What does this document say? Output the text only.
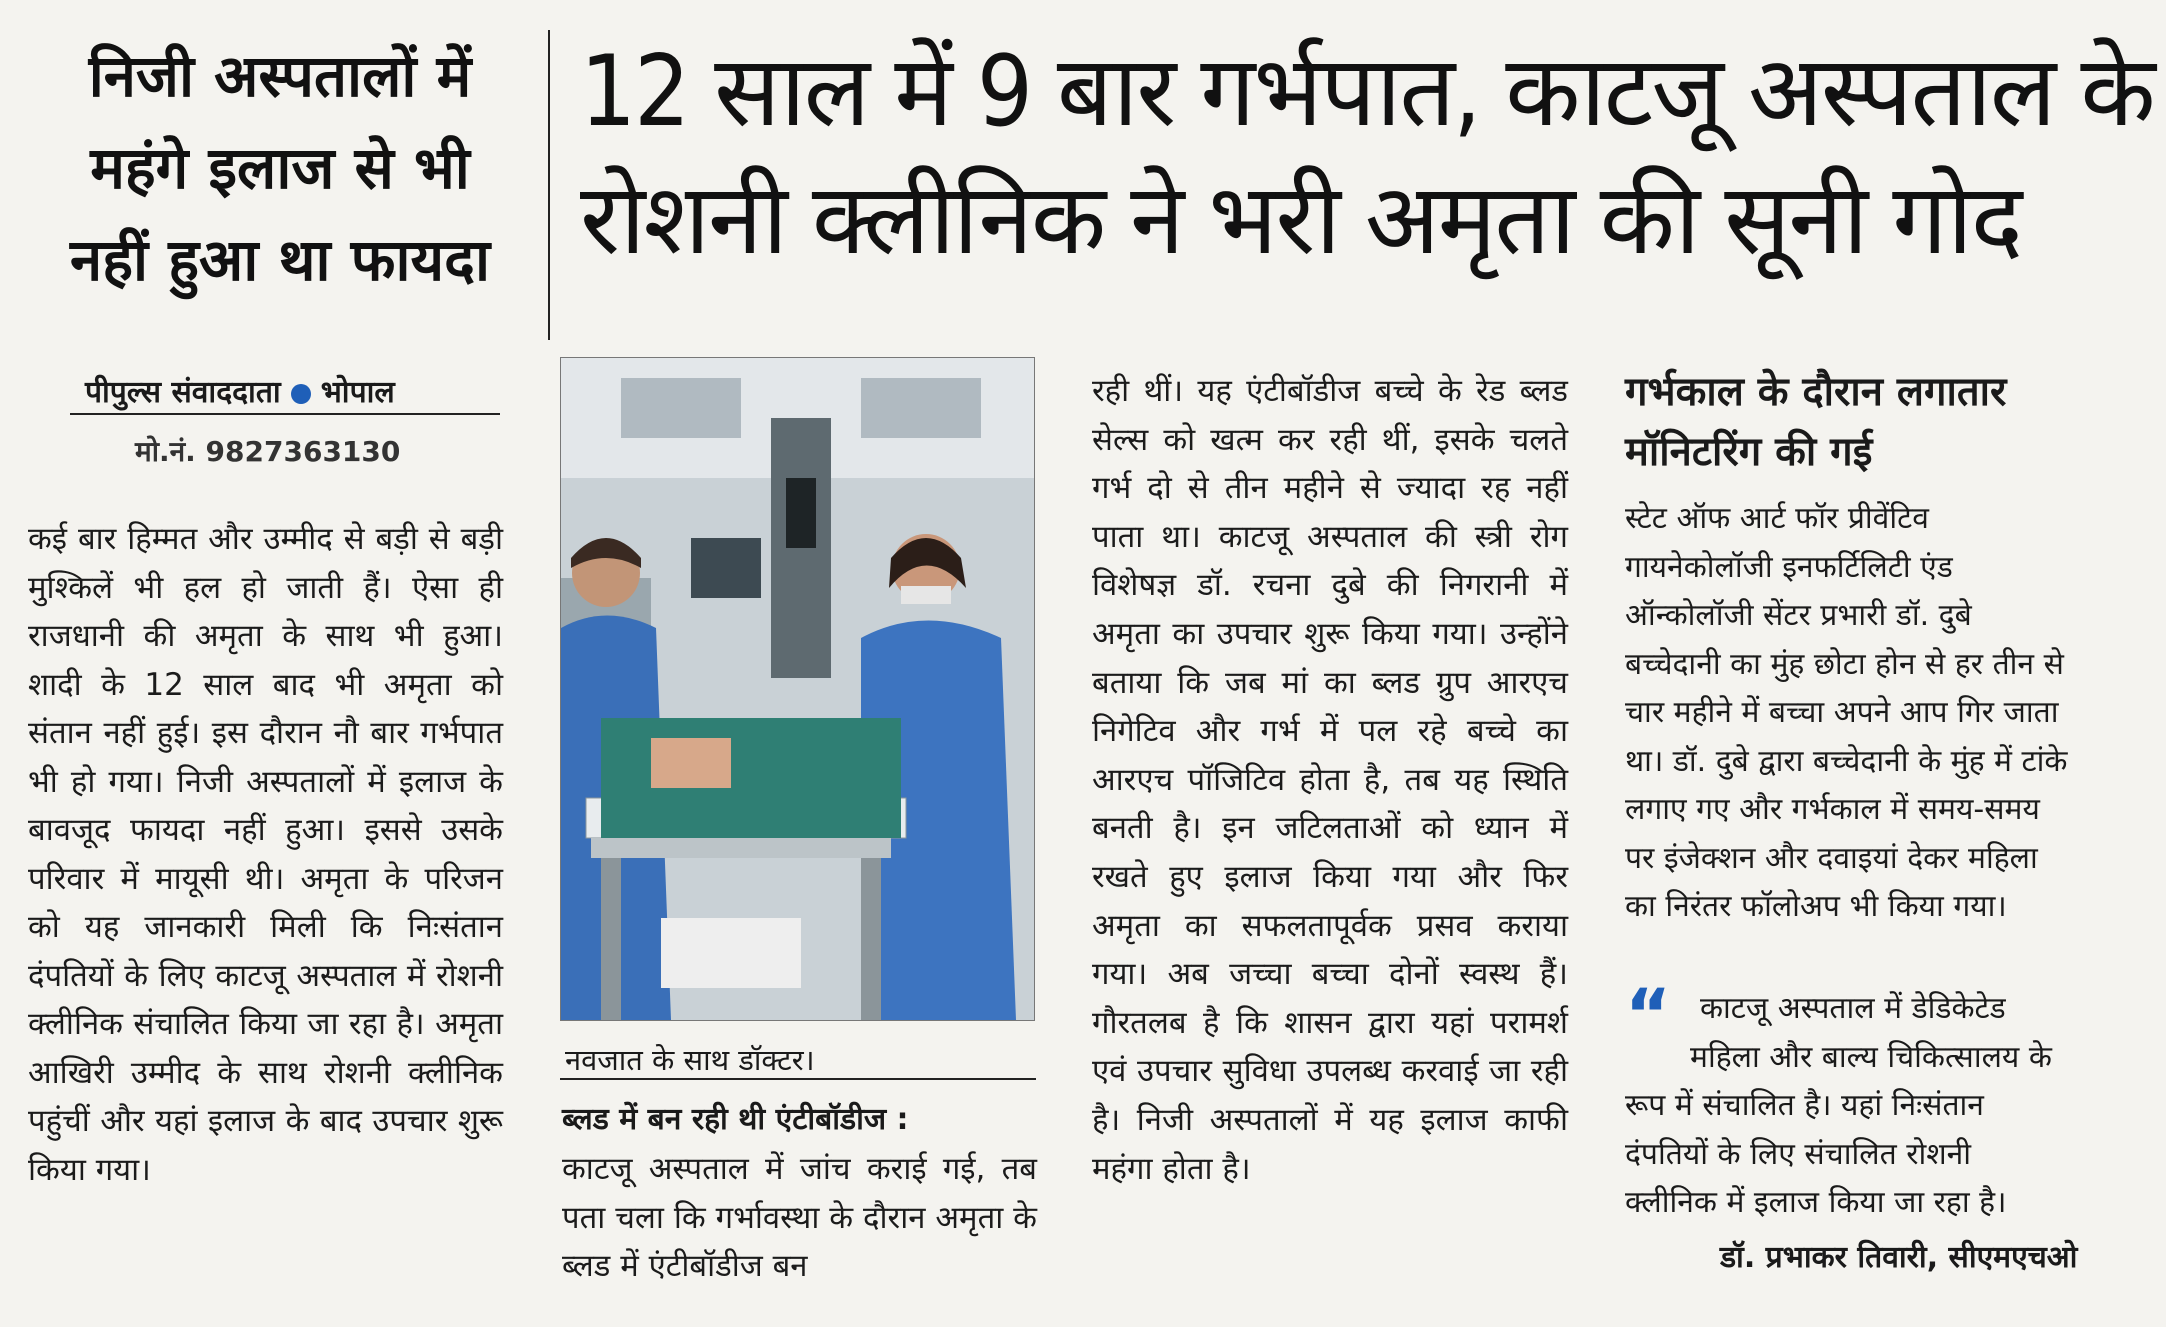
निजी अस्पतालों में
महंगे इलाज से भी
नहीं हुआ था फायदा
12 साल में 9 बार गर्भपात, काटजू अस्पताल के
रोशनी क्लीनिक ने भरी अमृता की सूनी गोद
पीपुल्स संवाददाता भोपाल
मो.नं. 9827363130
कई बार हिम्मत और उम्मीद से बड़ी से बड़ी मुश्किलें भी हल हो जाती हैं। ऐसा ही राजधानी की अमृता के साथ भी हुआ। शादी के 12 साल बाद भी अमृता को संतान नहीं हुई। इस दौरान नौ बार गर्भपात भी हो गया। निजी अस्पतालों में इलाज के बावजूद फायदा नहीं हुआ। इससे उसके परिवार में मायूसी थी। अमृता के परिजन को यह जानकारी मिली कि निःसंतान दंपतियों के लिए काटजू अस्पताल में रोशनी क्लीनिक संचालित किया जा रहा है। अमृता आखिरी उम्मीद के साथ रोशनी क्लीनिक पहुंचीं और यहां इलाज के बाद उपचार शुरू किया गया।
नवजात के साथ डॉक्टर।
ब्लड में बन रही थी एंटीबॉडीज :
काटजू अस्पताल में जांच कराई गई, तब पता चला कि गर्भावस्था के दौरान अमृता के ब्लड में एंटीबॉडीज बन
रही थीं। यह एंटीबॉडीज बच्चे के रेड ब्लड सेल्स को खत्म कर रही थीं, इसके चलते गर्भ दो से तीन महीने से ज्यादा रह नहीं पाता था। काटजू अस्पताल की स्त्री रोग विशेषज्ञ डॉ. रचना दुबे की निगरानी में अमृता का उपचार शुरू किया गया। उन्होंने बताया कि जब मां का ब्लड ग्रुप आरएच निगेटिव और गर्भ में पल रहे बच्चे का आरएच पॉजिटिव होता है, तब यह स्थिति बनती है। इन जटिलताओं को ध्यान में रखते हुए इलाज किया गया और फिर अमृता का सफलतापूर्वक प्रसव कराया गया। अब जच्चा बच्चा दोनों स्वस्थ हैं। गौरतलब है कि शासन द्वारा यहां परामर्श एवं उपचार सुविधा उपलब्ध करवाई जा रही है। निजी अस्पतालों में यह इलाज काफी महंगा होता है।
गर्भकाल के दौरान लगातार
मॉनिटरिंग की गई
स्टेट ऑफ आर्ट फॉर प्रीवेंटिव
गायनेकोलॉजी इनफर्टिलिटी एंड
ऑन्कोलॉजी सेंटर प्रभारी डॉ. दुबे
बच्चेदानी का मुंह छोटा होन से हर तीन से
चार महीने में बच्चा अपने आप गिर जाता
था। डॉ. दुबे द्वारा बच्चेदानी के मुंह में टांके
लगाए गए और गर्भकाल में समय-समय
पर इंजेक्शन और दवाइयां देकर महिला
का निरंतर फॉलोअप भी किया गया।
“ काटजू अस्पताल में डेडिकेटेड
महिला और बाल्य चिकित्सालय के
रूप में संचालित है। यहां निःसंतान
दंपतियों के लिए संचालित रोशनी
क्लीनिक में इलाज किया जा रहा है।
डॉ. प्रभाकर तिवारी, सीएमएचओ
